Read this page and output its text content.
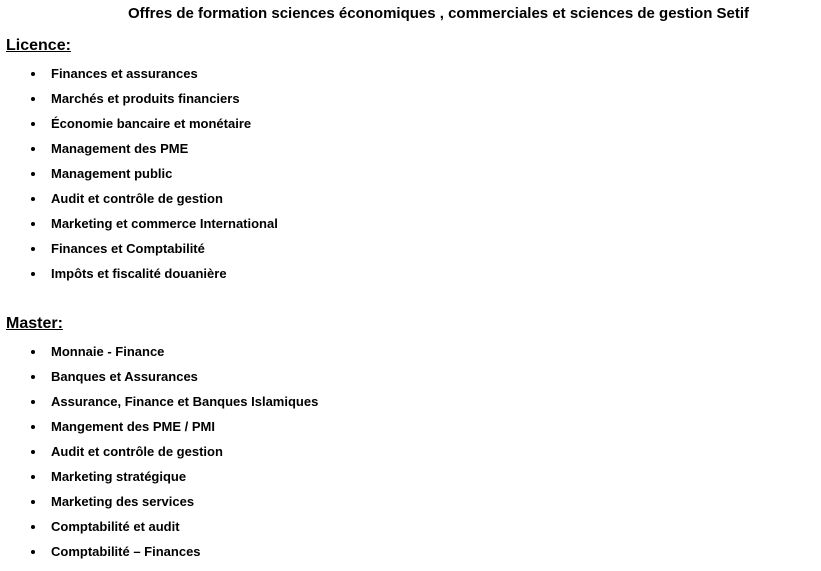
Offres de formation sciences économiques , commerciales et sciences de gestion Setif
Licence:
Finances et assurances
Marchés et produits financiers
Économie bancaire et monétaire
Management des PME
Management public
Audit et contrôle de gestion
Marketing et commerce International
Finances et Comptabilité
Impôts et fiscalité douanière
Master:
Monnaie - Finance
Banques et Assurances
Assurance, Finance et Banques Islamiques
Mangement des PME / PMI
Audit et contrôle de gestion
Marketing stratégique
Marketing des services
Comptabilité et audit
Comptabilité – Finances
